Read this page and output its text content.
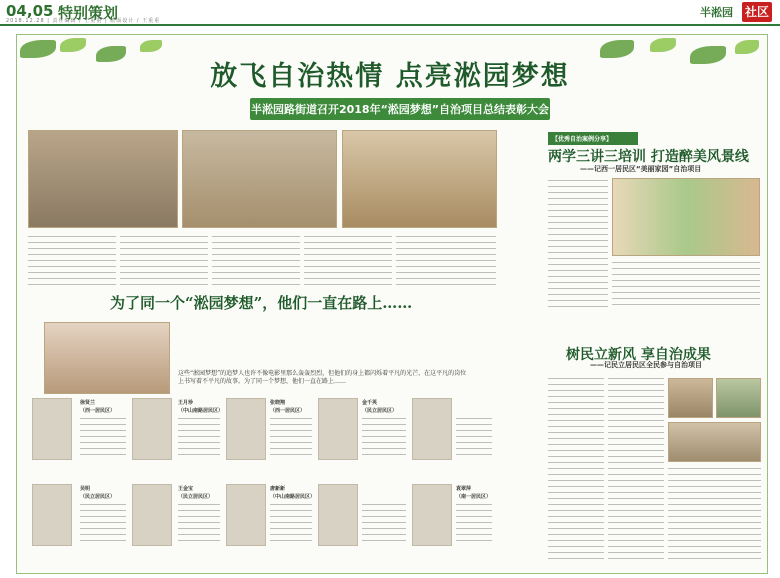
04,05 特别策划
2018.12.28 | 责任编辑 / 王重重 | 版面设计 / 王重重
半淞园 社区
放飞自治热情 点亮淞园梦想
半淞园路街道召开2018年“淞园梦想”自治项目总结表彰大会
为了同一个“淞园梦想”，他们一直在路上……
这些“淞园梦想”的追梦人也许不像电影里那么轰轰烈烈，但他们的身上都闪烁着平凡的光芒，在这平凡的岗位上书写着不平凡的故事。为了同一个梦想，他们一直在路上……
徐贤兰
（西一居民区）
王月珍
（中山南路居民区）
张晓翔
（西一居民区）
金千英
（民立居民区）
吴明
（民立居民区）
王金宝
（民立居民区）
唐新新
（中山南路居民区）
袁翠萍
（南一居民区）
【优秀自治案例分享】
两学三讲三培训 打造醉美风景线
——记西一居民区“美丽家园”自治项目
树民立新风 享自治成果
——记民立居民区全民参与自治项目
